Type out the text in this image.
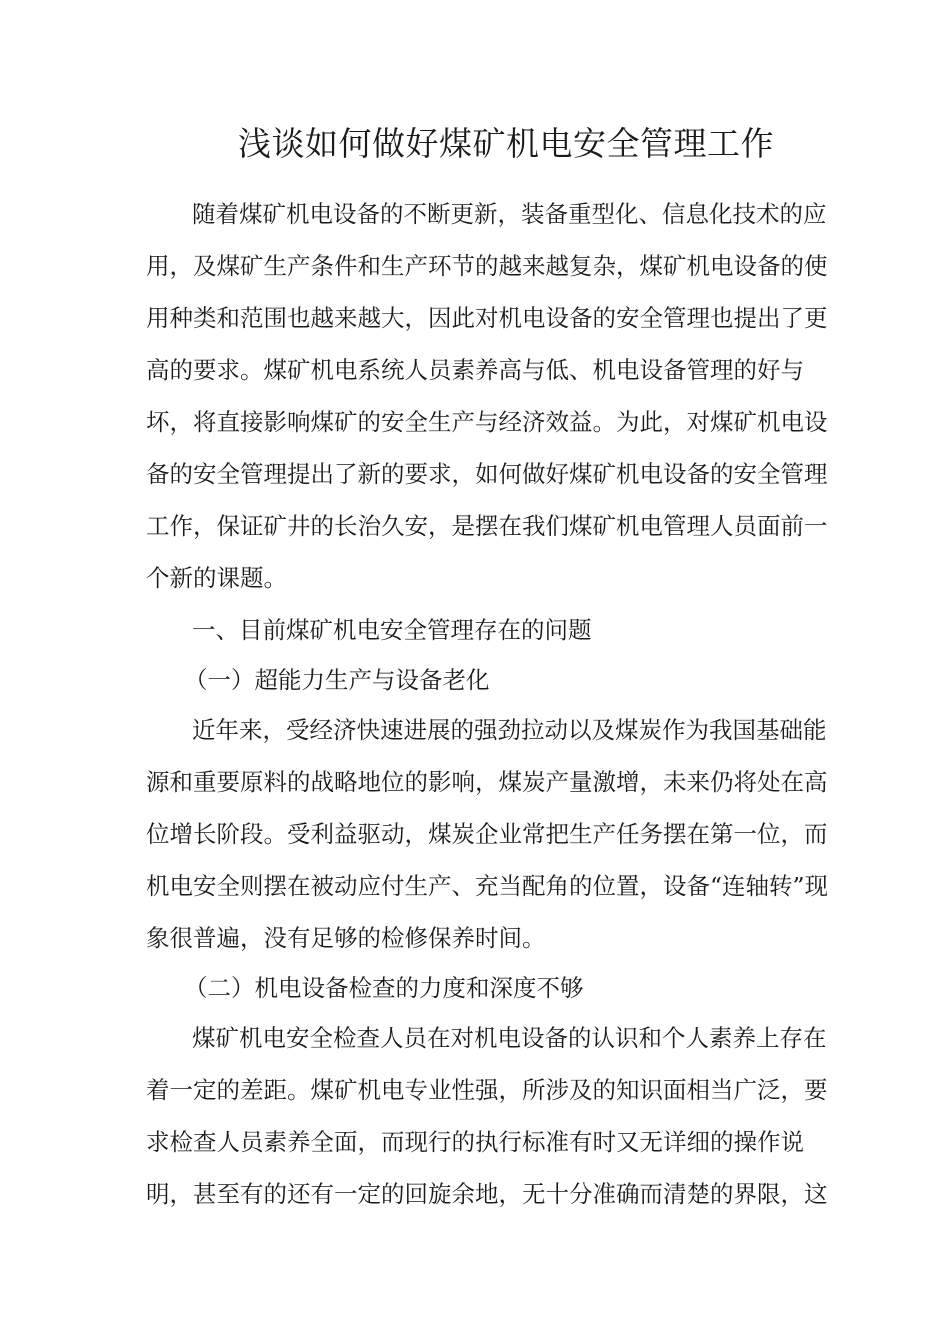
浅谈如何做好煤矿机电安全管理工作
随着煤矿机电设备的不断更新，装备重型化、信息化技术的应
用，及煤矿生产条件和生产环节的越来越复杂，煤矿机电设备的使
用种类和范围也越来越大，因此对机电设备的安全管理也提出了更
高的要求。煤矿机电系统人员素养高与低、机电设备管理的好与
坏，将直接影响煤矿的安全生产与经济效益。为此，对煤矿机电设
备的安全管理提出了新的要求，如何做好煤矿机电设备的安全管理
工作，保证矿井的长治久安，是摆在我们煤矿机电管理人员面前一
个新的课题。
一、目前煤矿机电安全管理存在的问题
（一）超能力生产与设备老化
近年来，受经济快速进展的强劲拉动以及煤炭作为我国基础能
源和重要原料的战略地位的影响，煤炭产量激增，未来仍将处在高
位增长阶段。受利益驱动，煤炭企业常把生产任务摆在第一位，而
机电安全则摆在被动应付生产、充当配角的位置，设备“连轴转”现
象很普遍，没有足够的检修保养时间。
（二）机电设备检查的力度和深度不够
煤矿机电安全检查人员在对机电设备的认识和个人素养上存在
着一定的差距。煤矿机电专业性强，所涉及的知识面相当广泛，要
求检查人员素养全面，而现行的执行标准有时又无详细的操作说
明，甚至有的还有一定的回旋余地，无十分准确而清楚的界限，这
